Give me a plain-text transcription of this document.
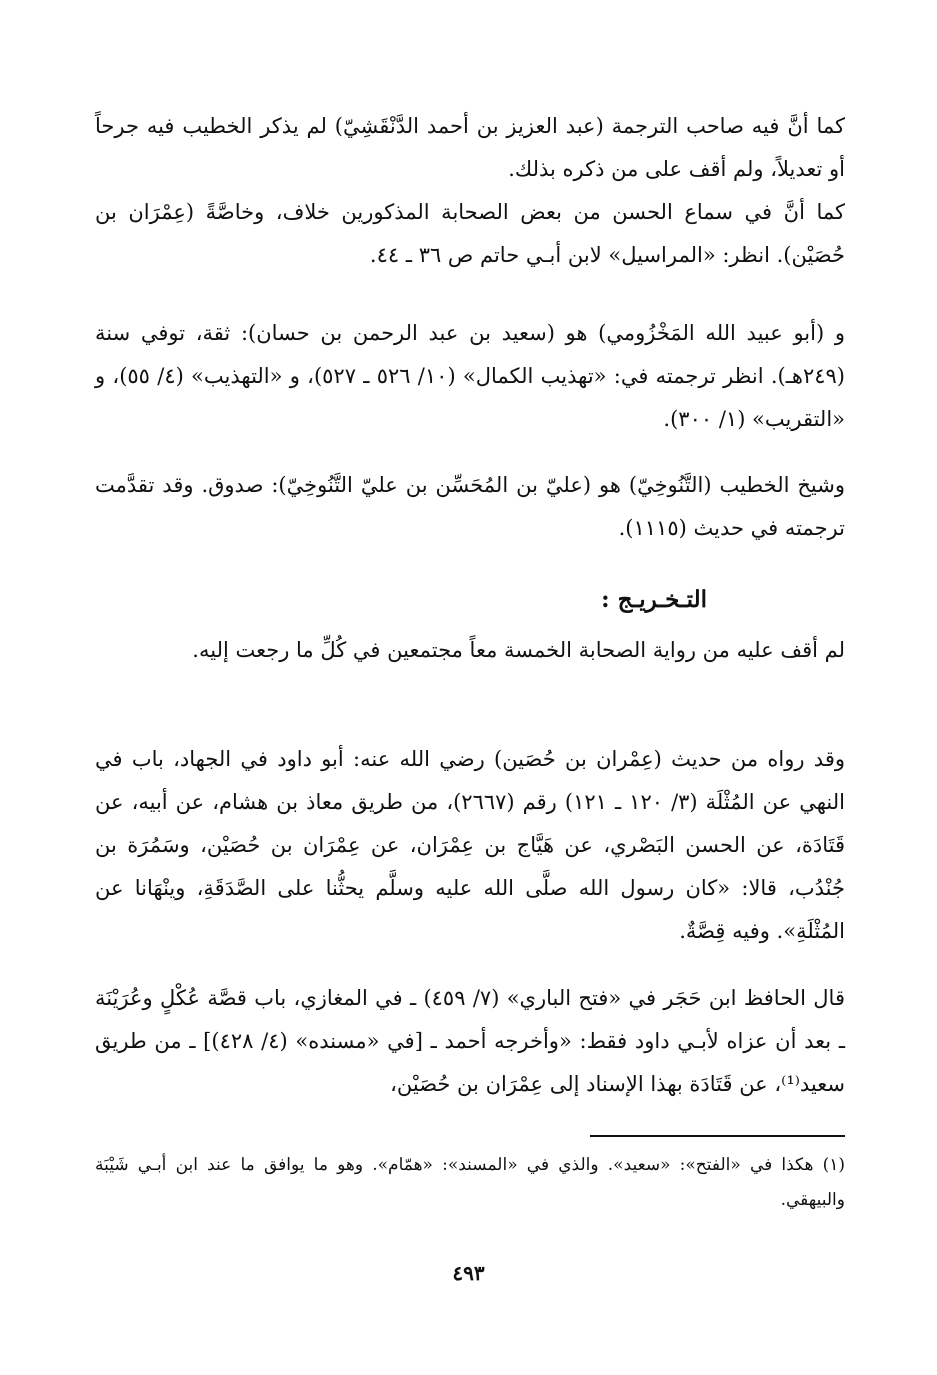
كما أنَّ فيه صاحب الترجمة (عبد العزيز بن أحمد الدَّنْقَشِيّ) لم يذكر الخطيب فيه جرحاً أو تعديلاً، ولم أقف على من ذكره بذلك.

كما أنَّ في سماع الحسن من بعض الصحابة المذكورين خلاف، وخاصَّةً (عِمْرَان بن حُصَيْن). انظر: «المراسيل» لابن أبـي حاتم ص ٣٦ ـ ٤٤.

و (أبو عبيد الله المَخْزُومي) هو (سعيد بن عبد الرحمن بن حسان): ثقة، توفي سنة (٢٤٩هـ). انظر ترجمته في: «تهذيب الكمال» (١٠/ ٥٢٦ ـ ٥٢٧)، و «التهذيب» (٤/ ٥٥)، و «التقريب» (١/ ٣٠٠).

وشيخ الخطيب (التَّنُوخِيّ) هو (عليّ بن المُحَسِّن بن عليّ التَّنُوخِيّ): صدوق. وقد تقدَّمت ترجمته في حديث (١١١٥).

التـخـريـج :

لم أقف عليه من رواية الصحابة الخمسة معاً مجتمعين في كُلِّ ما رجعت إليه.

وقد رواه من حديث (عِمْران بن حُصَين) رضي الله عنه: أبو داود في الجهاد، باب في النهي عن المُثْلَة (٣/ ١٢٠ ـ ١٢١) رقم (٢٦٦٧)، من طريق معاذ بن هشام، عن أبيه، عن قَتَادَة، عن الحسن البَصْري، عن هَيَّاج بن عِمْرَان، عن عِمْرَان بن حُصَيْن، وسَمُرَة بن جُنْدُب، قالا: «كان رسول الله صلَّى الله عليه وسلَّم يحثُّنا على الصَّدَقَةِ، وينْهَانا عن المُثْلَةِ». وفيه قِصَّةٌ.

قال الحافظ ابن حَجَر في «فتح الباري» (٧/ ٤٥٩) ـ في المغازي، باب قصَّة عُكْلٍ وعُرَيْنَة ـ بعد أن عزاه لأبـي داود فقط: «وأخرجه أحمد ـ [في «مسنده» (٤/ ٤٢٨)] ـ من طريق سعيد⁽¹⁾، عن قَتَادَة بهذا الإسناد إلى عِمْرَان بن حُصَيْن،

(١) هكذا في «الفتح»: «سعيد». والذي في «المسند»: «همّام». وهو ما يوافق ما عند ابن أبـي شَيْبَة والبيهقي.
٤٩٣
